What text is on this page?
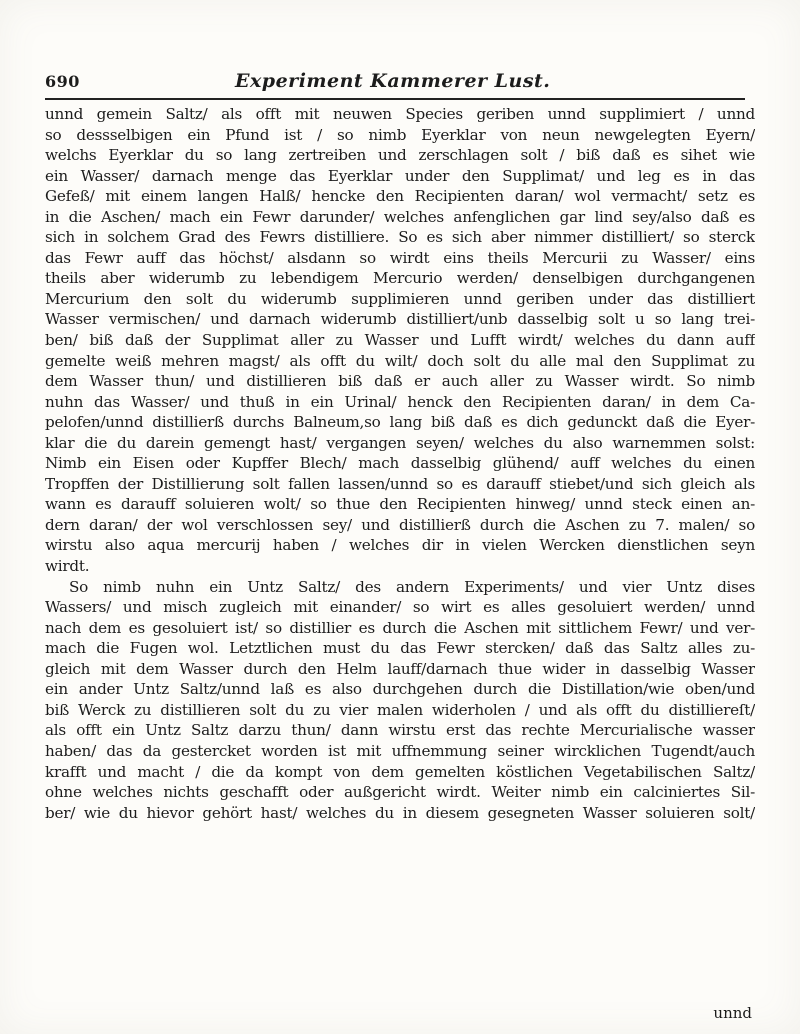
690	Experiment Kammerer Lust.
unnd gemein Saltz/ als offt mit neuwen Species geriben unnd supplimiert / unnd
so dessselbigen ein Pfund ist / so nimb Eyerklar von neun newgelegten Eyern/
welchs Eyerklar du so lang zertreiben und zerschlagen solt / biß daß es sihet wie
ein Wasser/ darnach menge das Eyerklar under den Supplimat/ und leg es in das
Gefeß/ mit einem langen Halß/ hencke den Recipienten daran/ wol vermacht/ setz es
in die Aschen/ mach ein Fewr darunder/ welches anfenglichen gar lind sey/also daß es
sich in solchem Grad des Fewrs distilliere. So es sich aber nimmer distilliert/ so sterck
das Fewr auff das höchst/ alsdann so wirdt eins theils Mercurii zu Wasser/ eins
theils aber widerumb zu lebendigem Mercurio werden/ denselbigen durchgangenen
Mercurium den solt du widerumb supplimieren unnd geriben under das distilliert
Wasser vermischen/ und darnach widerumb distilliert/unb dasselbig solt u so lang trei-
ben/ biß daß der Supplimat aller zu Wasser und Lufft wirdt/ welches du dann auff
gemelte weiß mehren magst/ als offt du wilt/ doch solt du alle mal den Supplimat zu
dem Wasser thun/ und distillieren biß daß er auch aller zu Wasser wirdt. So nimb
nuhn das Wasser/ und thuß in ein Urinal/ henck den Recipienten daran/ in dem Ca-
pelofen/unnd distillierß durchs Balneum,so lang biß daß es dich gedunckt daß die Eyer-
klar die du darein gemengt hast/ vergangen seyen/ welches du also warnemmen solst:
Nimb ein Eisen oder Kupffer Blech/ mach dasselbig glühend/ auff welches du einen
Tropffen der Distillierung solt fallen lassen/unnd so es darauff stiebet/und sich gleich als
wann es darauff soluieren wolt/ so thue den Recipienten hinweg/ unnd steck einen an-
dern daran/ der wol verschlossen sey/ und distillierß durch die Aschen zu 7. malen/ so
wirstu also aqua mercurij haben / welches dir in vielen Wercken dienstlichen seyn
wirdt.
So nimb nuhn ein Untz Saltz/ des andern Experiments/ und vier Untz dises
Wassers/ und misch zugleich mit einander/ so wirt es alles gesoluiert werden/ unnd
nach dem es gesoluiert ist/ so distillier es durch die Aschen mit sittlichem Fewr/ und ver-
mach die Fugen wol. Letztlichen must du das Fewr stercken/ daß das Saltz alles zu-
gleich mit dem Wasser durch den Helm lauff/darnach thue wider in dasselbig Wasser
ein ander Untz Saltz/unnd laß es also durchgehen durch die Distillation/wie oben/und
biß Werck zu distillieren solt du zu vier malen widerholen / und als offt du distilliereſt/
als offt ein Untz Saltz darzu thun/ dann wirstu erst das rechte Mercurialische wasser
haben/ das da gestercket worden ist mit uffnemmung seiner wircklichen Tugendt/auch
krafft und macht / die da kompt von dem gemelten köstlichen Vegetabilischen Saltz/
ohne welches nichts geschafft oder außgericht wirdt. Weiter nimb ein calciniertes Sil-
ber/ wie du hievor gehört hast/ welches du in diesem gesegneten Wasser soluieren solt/
unnd
